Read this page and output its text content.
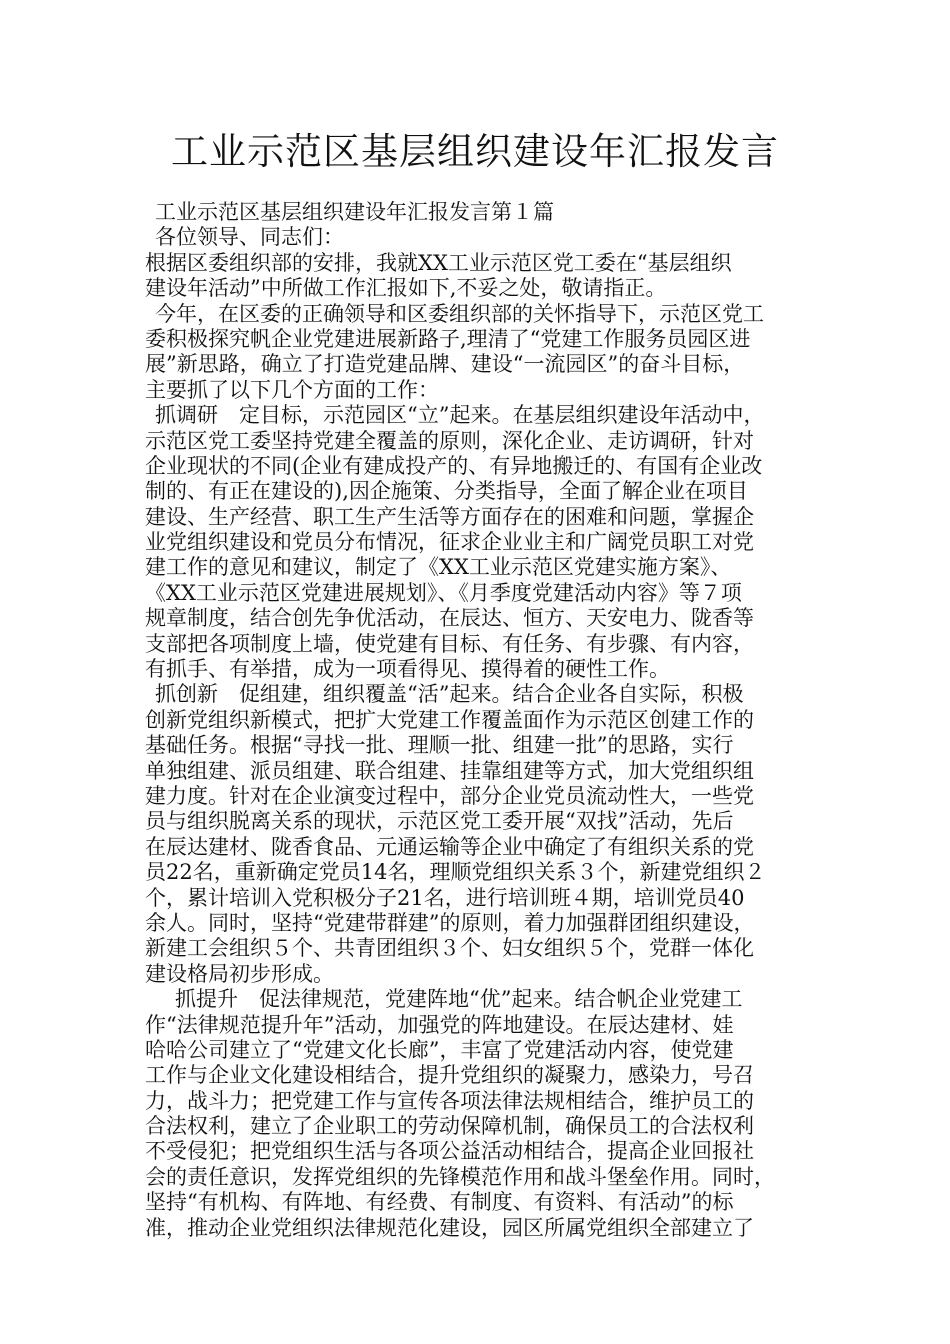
工业示范区基层组织建设年汇报发言
工业示范区基层组织建设年汇报发言第１篇
各位领导、同志们：
根据区委组织部的安排，我就XX工业示范区党工委在“基层组织
建设年活动”中所做工作汇报如下,不妥之处，敬请指正。
今年，在区委的正确领导和区委组织部的关怀指导下，示范区党工
委积极探究帆企业党建进展新路子,理清了“党建工作服务员园区进
展”新思路，确立了打造党建品牌、建设“一流园区”的奋斗目标，
主要抓了以下几个方面的工作：
抓调研　定目标，示范园区“立”起来。在基层组织建设年活动中，
示范区党工委坚持党建全覆盖的原则，深化企业、走访调研，针对
企业现状的不同(企业有建成投产的、有异地搬迁的、有国有企业改
制的、有正在建设的),因企施策、分类指导，全面了解企业在项目
建设、生产经营、职工生产生活等方面存在的困难和问题，掌握企
业党组织建设和党员分布情况，征求企业业主和广阔党员职工对党
建工作的意见和建议，制定了《XX工业示范区党建实施方案》、
《XX工业示范区党建进展规划》、《月季度党建活动内容》等７项
规章制度，结合创先争优活动，在辰达、恒方、天安电力、陇香等
支部把各项制度上墙，使党建有目标、有任务、有步骤、有内容，
有抓手、有举措，成为一项看得见、摸得着的硬性工作。
抓创新　促组建，组织覆盖“活”起来。结合企业各自实际，积极
创新党组织新模式，把扩大党建工作覆盖面作为示范区创建工作的
基础任务。根据“寻找一批、理顺一批、组建一批”的思路，实行
单独组建、派员组建、联合组建、挂靠组建等方式，加大党组织组
建力度。针对在企业演变过程中，部分企业党员流动性大，一些党
员与组织脱离关系的现状，示范区党工委开展“双找”活动，先后
在辰达建材、陇香食品、元通运输等企业中确定了有组织关系的党
员22名，重新确定党员14名，理顺党组织关系３个，新建党组织２
个，累计培训入党积极分子21名，进行培训班４期，培训党员40
余人。同时，坚持“党建带群建”的原则，着力加强群团组织建设，
新建工会组织５个、共青团组织３个、妇女组织５个，党群一体化
建设格局初步形成。
抓提升　促法律规范，党建阵地“优”起来。结合帆企业党建工
作“法律规范提升年”活动，加强党的阵地建设。在辰达建材、娃
哈哈公司建立了“党建文化长廊”，丰富了党建活动内容，使党建
工作与企业文化建设相结合，提升党组织的凝聚力，感染力，号召
力，战斗力；把党建工作与宣传各项法律法规相结合，维护员工的
合法权利，建立了企业职工的劳动保障机制，确保员工的合法权利
不受侵犯；把党组织生活与各项公益活动相结合，提高企业回报社
会的责任意识，发挥党组织的先锋模范作用和战斗堡垒作用。同时，
坚持“有机构、有阵地、有经费、有制度、有资料、有活动”的标
准，推动企业党组织法律规范化建设，园区所属党组织全部建立了
